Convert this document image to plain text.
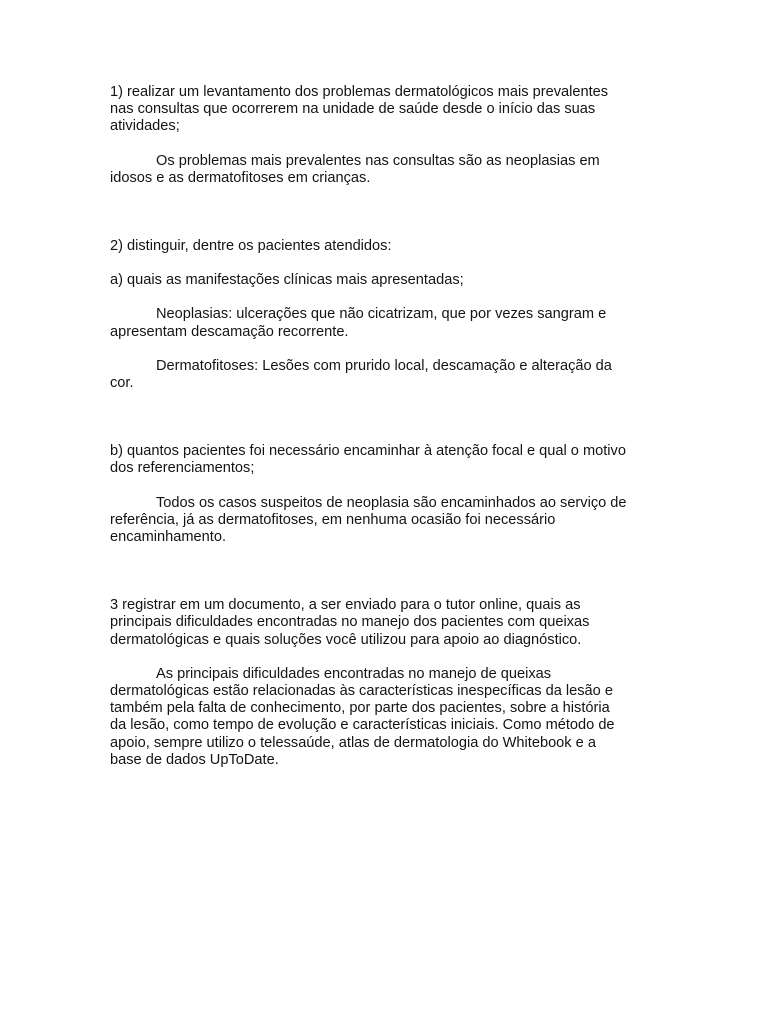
1) realizar um levantamento dos problemas dermatológicos mais prevalentes
nas consultas que ocorrerem na unidade de saúde desde o início das suas
atividades;

Os problemas mais prevalentes nas consultas são as neoplasias em
idosos e as dermatofitoses em crianças.

2) distinguir, dentre os pacientes atendidos:

a) quais as manifestações clínicas mais apresentadas;

Neoplasias: ulcerações que não cicatrizam, que por vezes sangram e
apresentam descamação recorrente.

Dermatofitoses: Lesões com prurido local, descamação e alteração da
cor.

b) quantos pacientes foi necessário encaminhar à atenção focal e qual o motivo
dos referenciamentos;

Todos os casos suspeitos de neoplasia são encaminhados ao serviço de
referência, já as dermatofitoses, em nenhuma ocasião foi necessário
encaminhamento.

3 registrar em um documento, a ser enviado para o tutor online, quais as
principais dificuldades encontradas no manejo dos pacientes com queixas
dermatológicas e quais soluções você utilizou para apoio ao diagnóstico.

As principais dificuldades encontradas no manejo de queixas
dermatológicas estão relacionadas às características inespecíficas da lesão e
também pela falta de conhecimento, por parte dos pacientes, sobre a história
da lesão, como tempo de evolução e características iniciais. Como método de
apoio, sempre utilizo o telessaúde, atlas de dermatologia do Whitebook e a
base de dados UpToDate.
